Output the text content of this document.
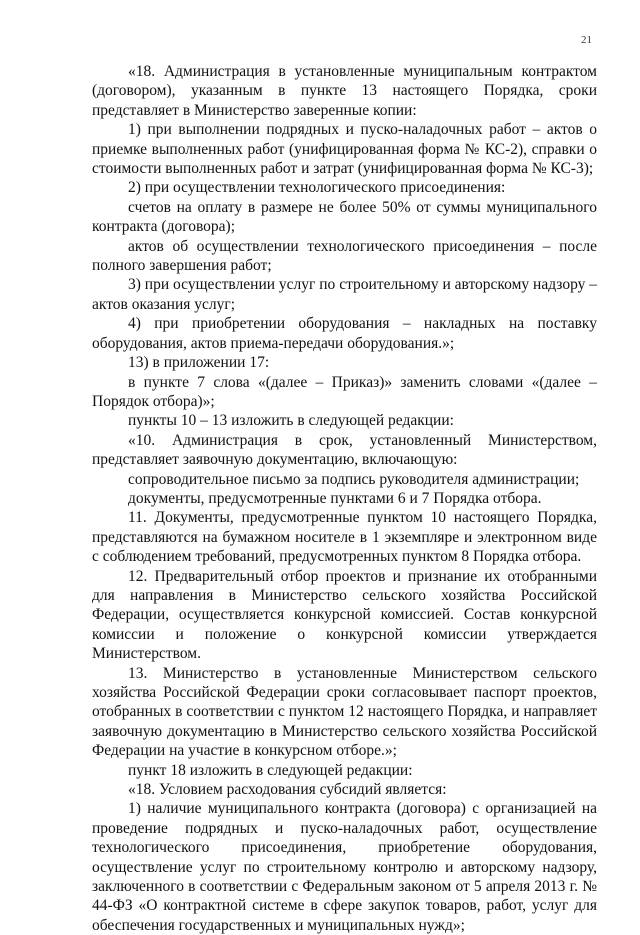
21

«18. Администрация в установленные муниципальным контрактом (договором), указанным в пункте 13 настоящего Порядка, сроки представляет в Министерство заверенные копии:

1) при выполнении подрядных и пуско-наладочных работ – актов о приемке выполненных работ (унифицированная форма № КС-2), справки о стоимости выполненных работ и затрат (унифицированная форма № КС-3);

2) при осуществлении технологического присоединения:

счетов на оплату в размере не более 50% от суммы муниципального контракта (договора);

актов об осуществлении технологического присоединения – после полного завершения работ;

3) при осуществлении услуг по строительному и авторскому надзору – актов оказания услуг;

4) при приобретении оборудования – накладных на поставку оборудования, актов приема-передачи оборудования.»;

13) в приложении 17:

в пункте 7 слова «(далее – Приказ)» заменить словами «(далее – Порядок отбора)»;

пункты 10 – 13 изложить в следующей редакции:

«10. Администрация в срок, установленный Министерством, представляет заявочную документацию, включающую:

сопроводительное письмо за подпись руководителя администрации;

документы, предусмотренные пунктами 6 и 7 Порядка отбора.

11. Документы, предусмотренные пунктом 10 настоящего Порядка, представляются на бумажном носителе в 1 экземпляре и электронном виде с соблюдением требований, предусмотренных пунктом 8 Порядка отбора.

12. Предварительный отбор проектов и признание их отобранными для направления в Министерство сельского хозяйства Российской Федерации, осуществляется конкурсной комиссией. Состав конкурсной комиссии и положение о конкурсной комиссии утверждается Министерством.

13. Министерство в установленные Министерством сельского хозяйства Российской Федерации сроки согласовывает паспорт проектов, отобранных в соответствии с пунктом 12 настоящего Порядка, и направляет заявочную документацию в Министерство сельского хозяйства Российской Федерации на участие в конкурсном отборе.»;

пункт 18 изложить в следующей редакции:

«18. Условием расходования субсидий является:

1) наличие муниципального контракта (договора) с организацией на проведение подрядных и пуско-наладочных работ, осуществление технологического присоединения, приобретение оборудования, осуществление услуг по строительному контролю и авторскому надзору, заключенного в соответствии с Федеральным законом от 5 апреля 2013 г. № 44-ФЗ «О контрактной системе в сфере закупок товаров, работ, услуг для обеспечения государственных и муниципальных нужд»;
